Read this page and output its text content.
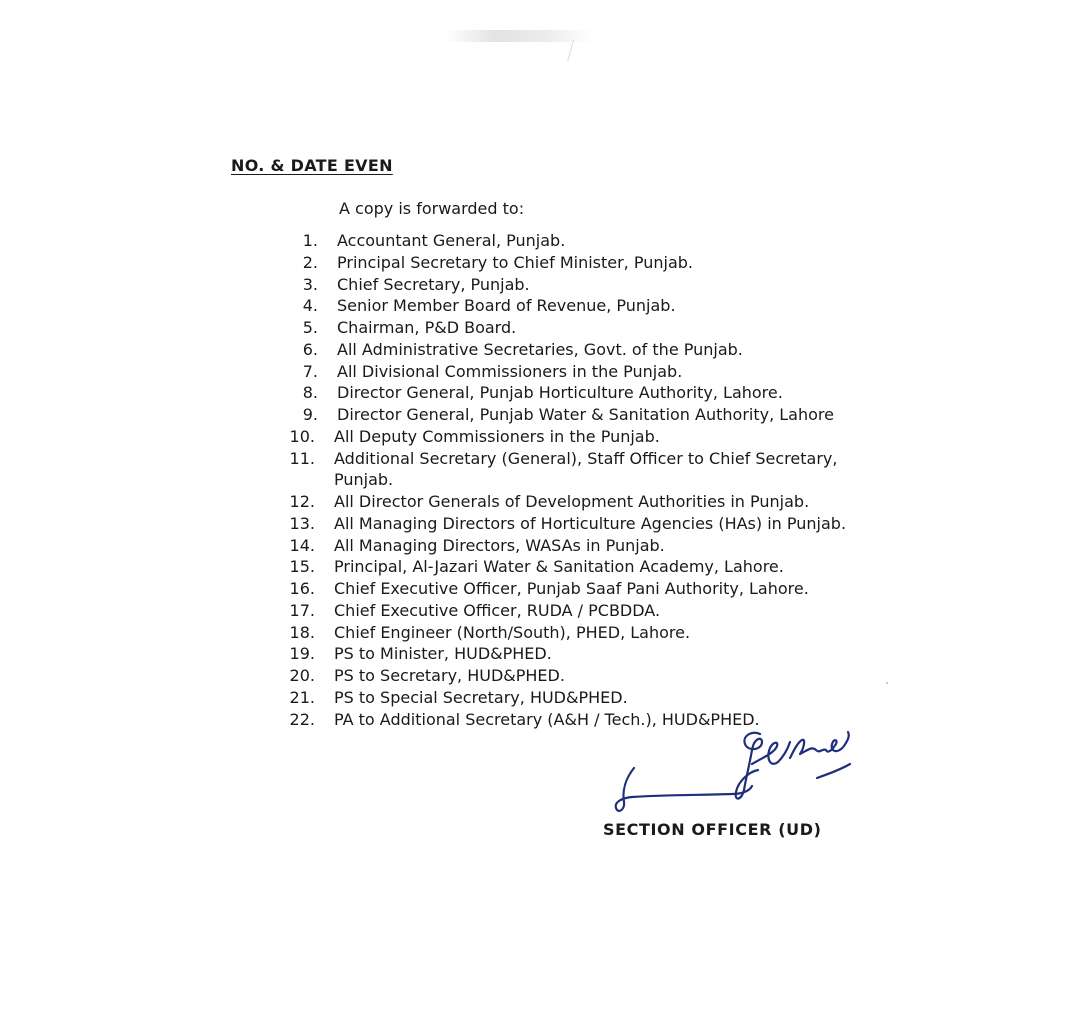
NO. & DATE EVEN
A copy is forwarded to:
1. Accountant General, Punjab.
2. Principal Secretary to Chief Minister, Punjab.
3. Chief Secretary, Punjab.
4. Senior Member Board of Revenue, Punjab.
5. Chairman, P&D Board.
6. All Administrative Secretaries, Govt. of the Punjab.
7. All Divisional Commissioners in the Punjab.
8. Director General, Punjab Horticulture Authority, Lahore.
9. Director General, Punjab Water & Sanitation Authority, Lahore
10. All Deputy Commissioners in the Punjab.
11. Additional Secretary (General), Staff Officer to Chief Secretary,
Punjab.
12. All Director Generals of Development Authorities in Punjab.
13. All Managing Directors of Horticulture Agencies (HAs) in Punjab.
14. All Managing Directors, WASAs in Punjab.
15. Principal, Al-Jazari Water & Sanitation Academy, Lahore.
16. Chief Executive Officer, Punjab Saaf Pani Authority, Lahore.
17. Chief Executive Officer, RUDA / PCBDDA.
18. Chief Engineer (North/South), PHED, Lahore.
19. PS to Minister, HUD&PHED.
20. PS to Secretary, HUD&PHED.
21. PS to Special Secretary, HUD&PHED.
22. PA to Additional Secretary (A&H / Tech.), HUD&PHED.
SECTION OFFICER (UD)
